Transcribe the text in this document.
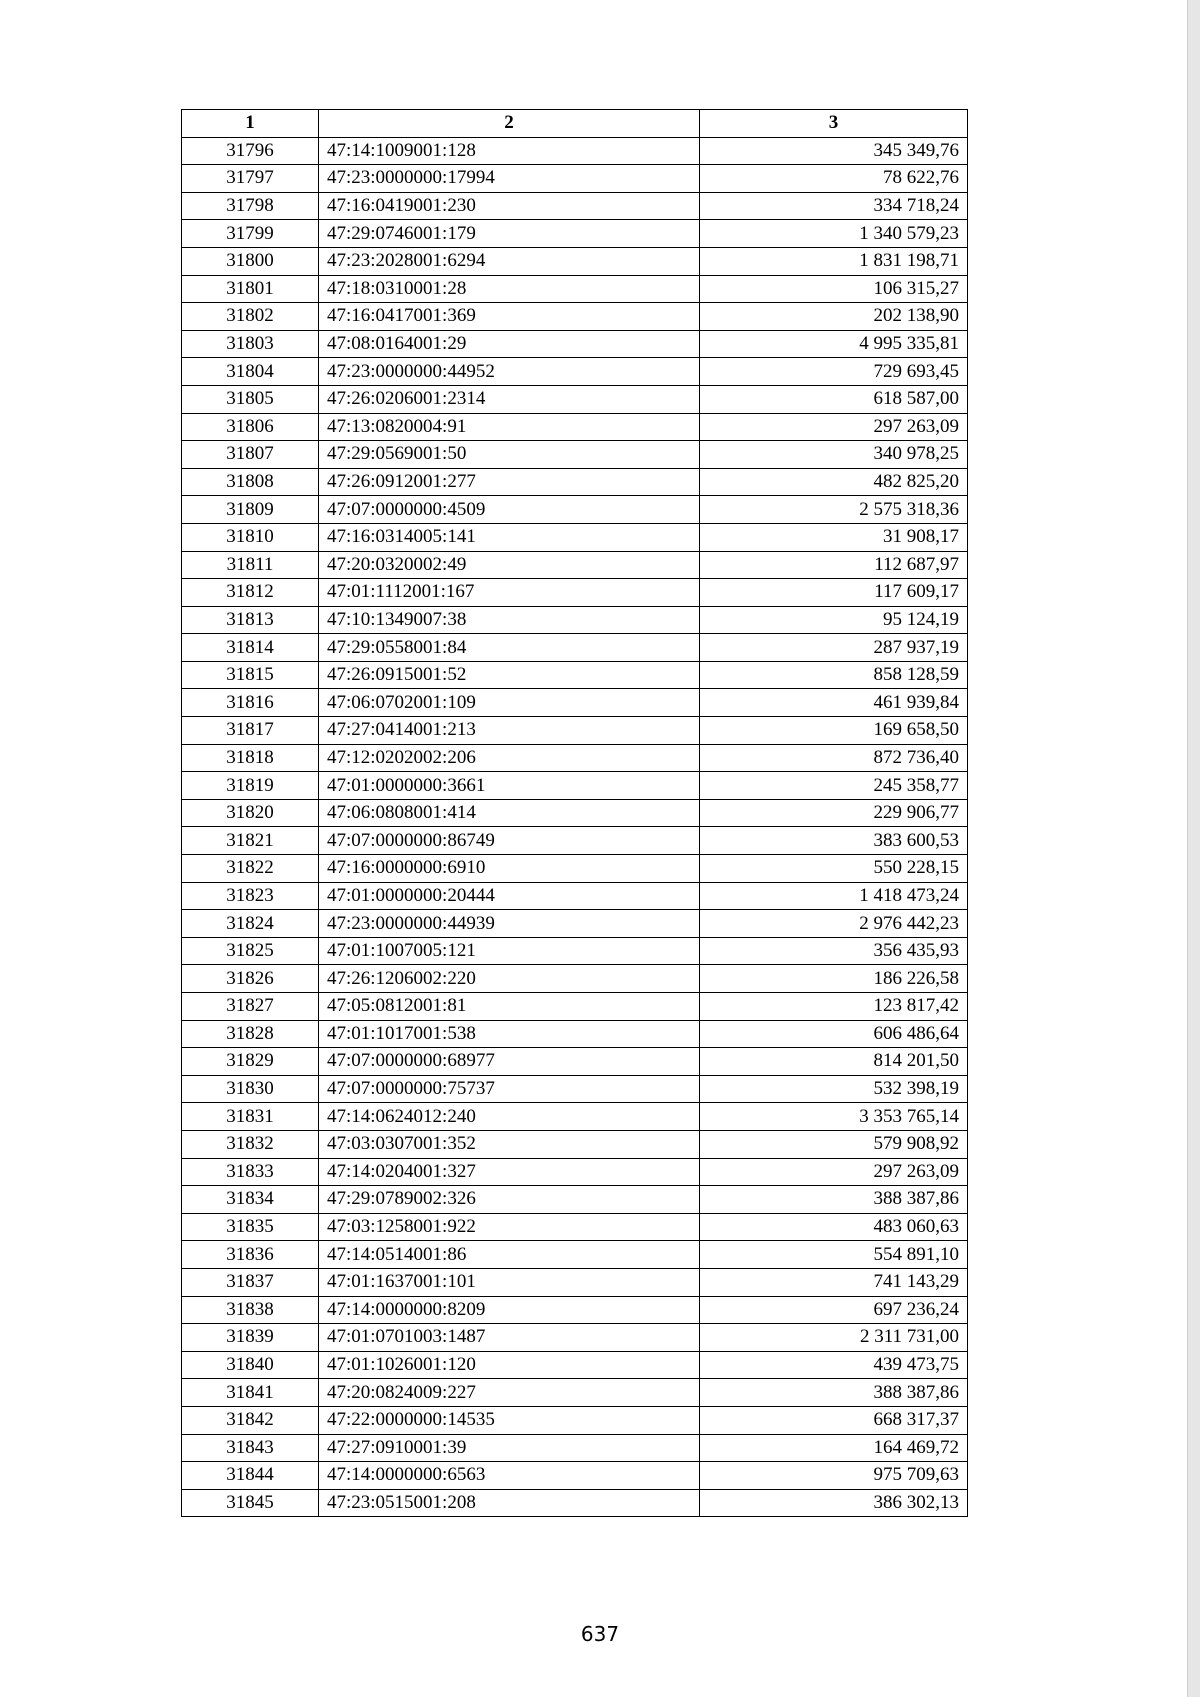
1	2	3
31796	47:14:1009001:128	345 349,76
31797	47:23:0000000:17994	78 622,76
31798	47:16:0419001:230	334 718,24
31799	47:29:0746001:179	1 340 579,23
31800	47:23:2028001:6294	1 831 198,71
31801	47:18:0310001:28	106 315,27
31802	47:16:0417001:369	202 138,90
31803	47:08:0164001:29	4 995 335,81
31804	47:23:0000000:44952	729 693,45
31805	47:26:0206001:2314	618 587,00
31806	47:13:0820004:91	297 263,09
31807	47:29:0569001:50	340 978,25
31808	47:26:0912001:277	482 825,20
31809	47:07:0000000:4509	2 575 318,36
31810	47:16:0314005:141	31 908,17
31811	47:20:0320002:49	112 687,97
31812	47:01:1112001:167	117 609,17
31813	47:10:1349007:38	95 124,19
31814	47:29:0558001:84	287 937,19
31815	47:26:0915001:52	858 128,59
31816	47:06:0702001:109	461 939,84
31817	47:27:0414001:213	169 658,50
31818	47:12:0202002:206	872 736,40
31819	47:01:0000000:3661	245 358,77
31820	47:06:0808001:414	229 906,77
31821	47:07:0000000:86749	383 600,53
31822	47:16:0000000:6910	550 228,15
31823	47:01:0000000:20444	1 418 473,24
31824	47:23:0000000:44939	2 976 442,23
31825	47:01:1007005:121	356 435,93
31826	47:26:1206002:220	186 226,58
31827	47:05:0812001:81	123 817,42
31828	47:01:1017001:538	606 486,64
31829	47:07:0000000:68977	814 201,50
31830	47:07:0000000:75737	532 398,19
31831	47:14:0624012:240	3 353 765,14
31832	47:03:0307001:352	579 908,92
31833	47:14:0204001:327	297 263,09
31834	47:29:0789002:326	388 387,86
31835	47:03:1258001:922	483 060,63
31836	47:14:0514001:86	554 891,10
31837	47:01:1637001:101	741 143,29
31838	47:14:0000000:8209	697 236,24
31839	47:01:0701003:1487	2 311 731,00
31840	47:01:1026001:120	439 473,75
31841	47:20:0824009:227	388 387,86
31842	47:22:0000000:14535	668 317,37
31843	47:27:0910001:39	164 469,72
31844	47:14:0000000:6563	975 709,63
31845	47:23:0515001:208	386 302,13
637
